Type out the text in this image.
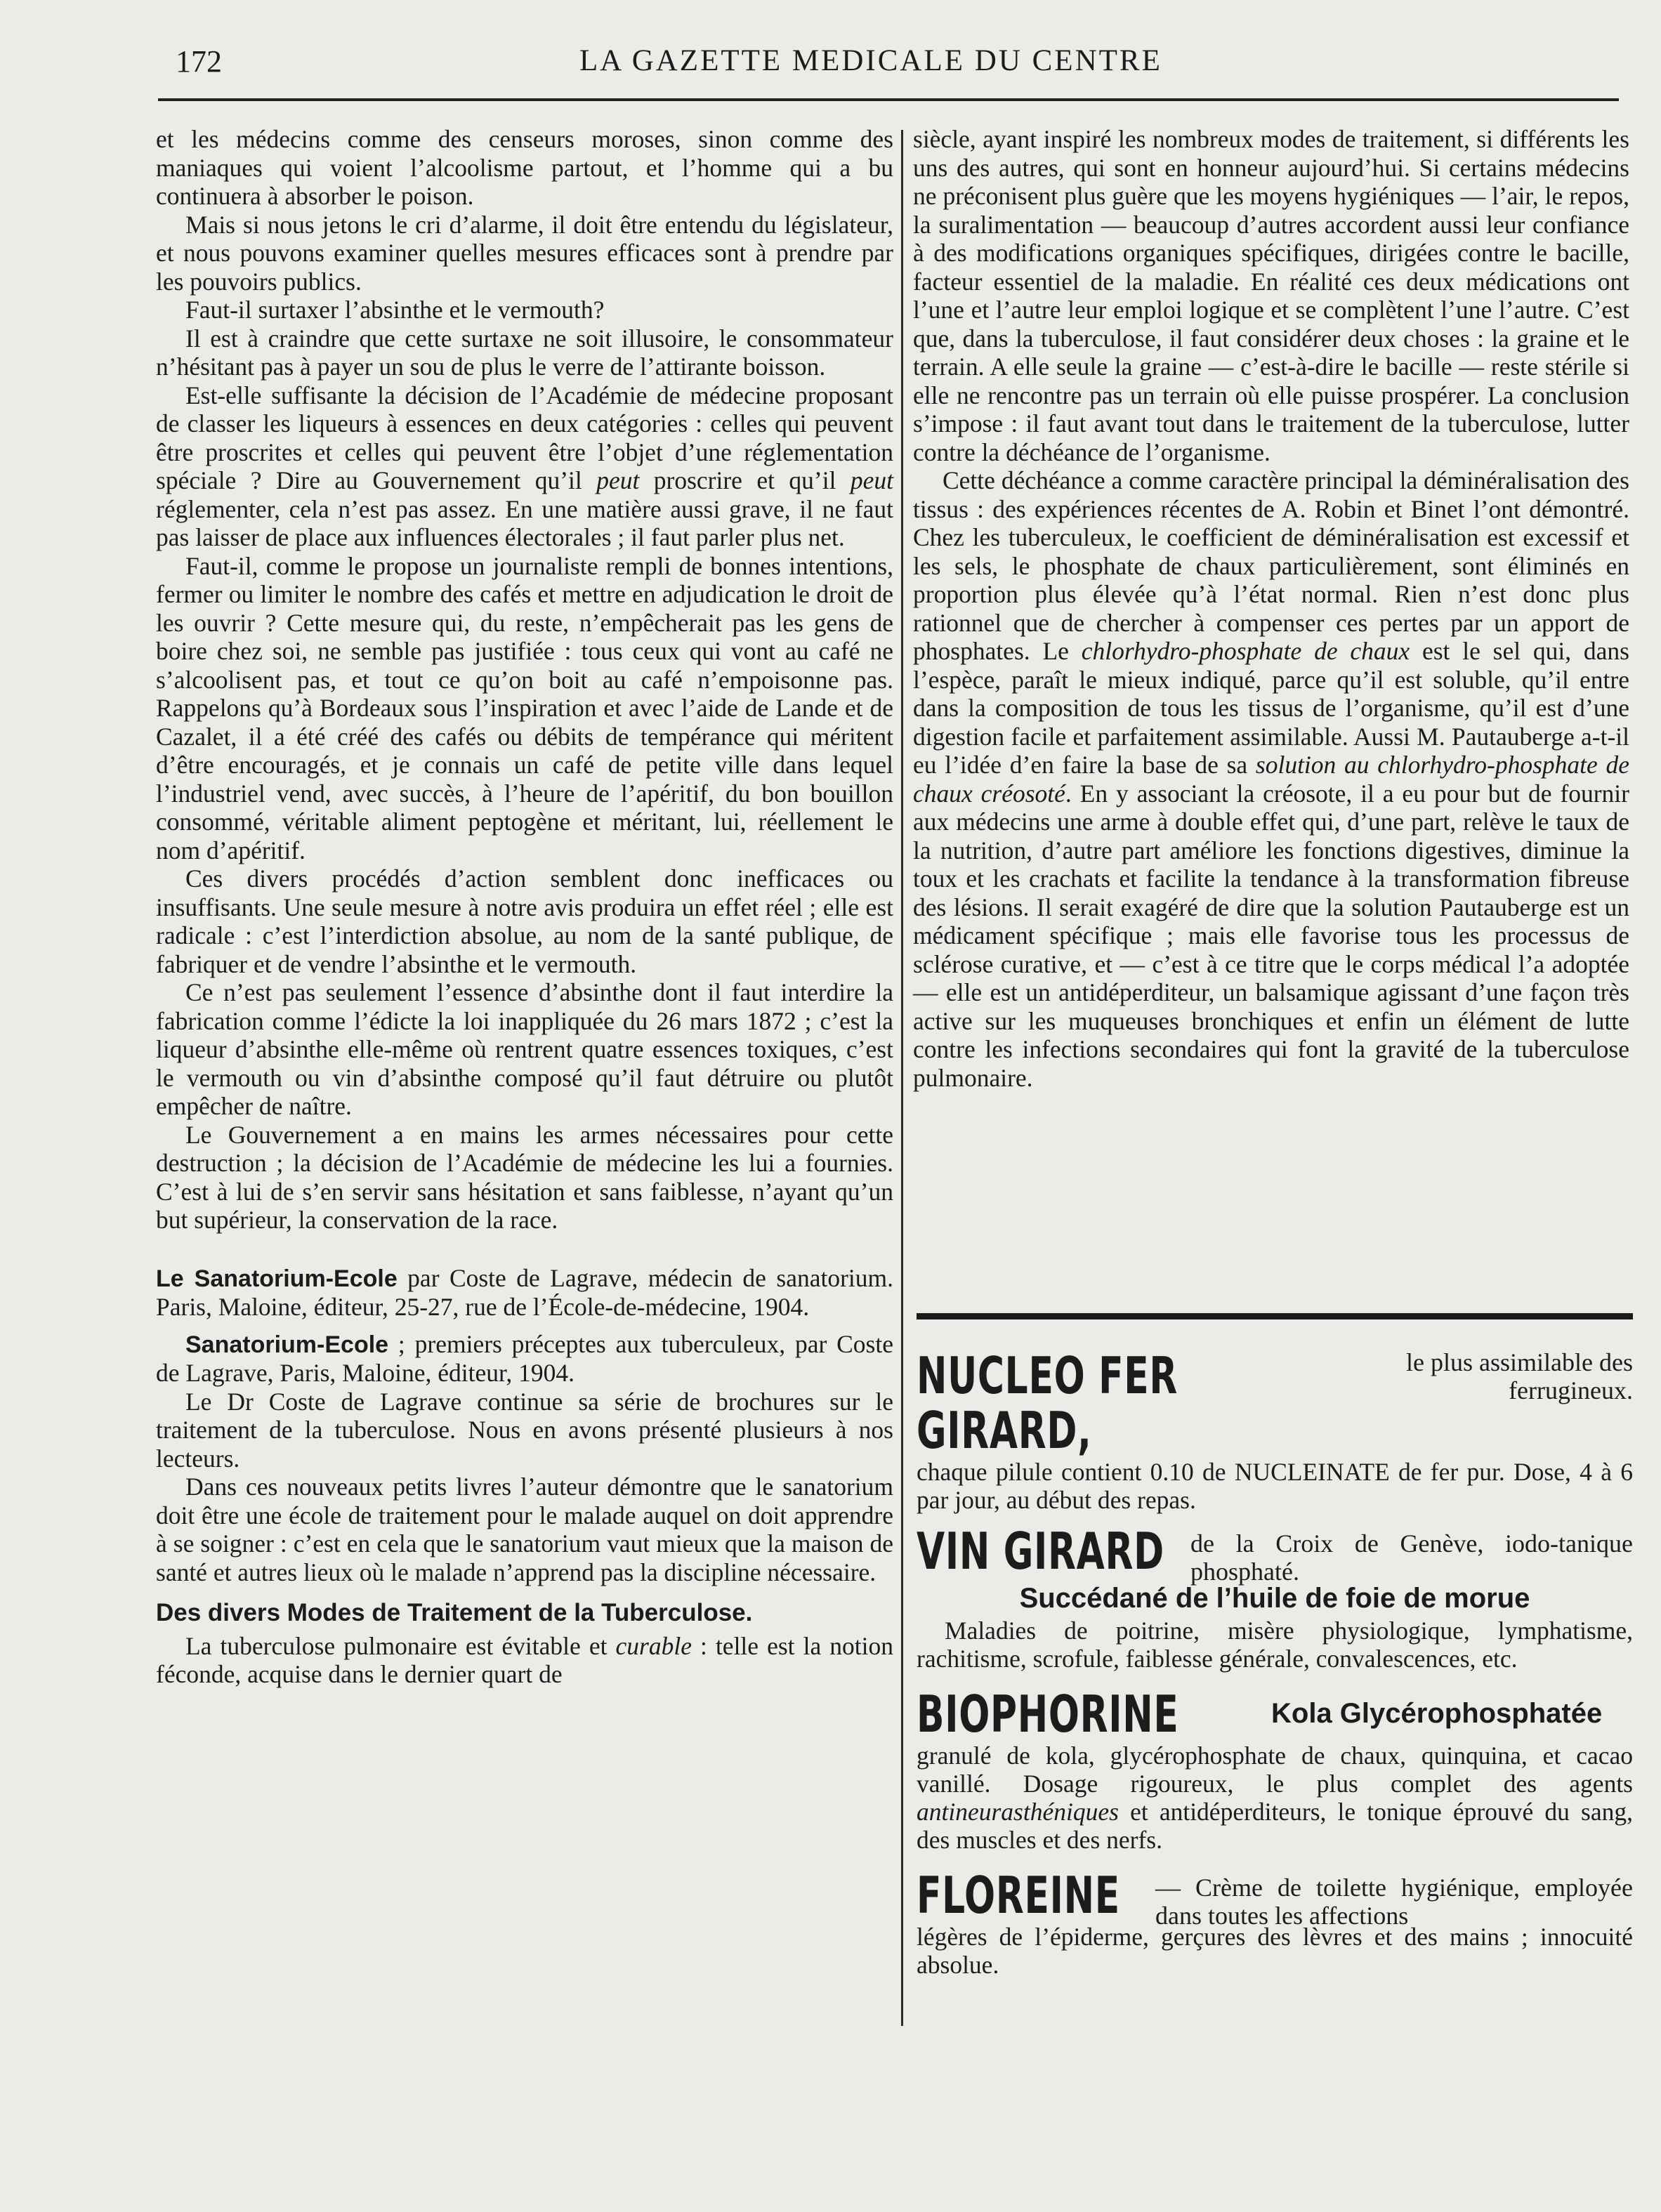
172	LA GAZETTE MEDICALE DU CENTRE

et les médecins comme des censeurs moroses, sinon comme des maniaques qui voient l’alcoolisme partout, et l’homme qui a bu continuera à absorber le poison.

Mais si nous jetons le cri d’alarme, il doit être entendu du législateur, et nous pouvons examiner quelles mesures efficaces sont à prendre par les pouvoirs publics.

Faut-il surtaxer l’absinthe et le vermouth?

Il est à craindre que cette surtaxe ne soit illusoire, le consommateur n’hésitant pas à payer un sou de plus le verre de l’attirante boisson.

Est-elle suffisante la décision de l’Académie de médecine proposant de classer les liqueurs à essences en deux catégories : celles qui peuvent être proscrites et celles qui peuvent être l’objet d’une réglementation spéciale ? Dire au Gouvernement qu’il peut proscrire et qu’il peut réglementer, cela n’est pas assez. En une matière aussi grave, il ne faut pas laisser de place aux influences électorales ; il faut parler plus net.

Faut-il, comme le propose un journaliste rempli de bonnes intentions, fermer ou limiter le nombre des cafés et mettre en adjudication le droit de les ouvrir ? Cette mesure qui, du reste, n’empêcherait pas les gens de boire chez soi, ne semble pas justifiée : tous ceux qui vont au café ne s’alcoolisent pas, et tout ce qu’on boit au café n’empoisonne pas. Rappelons qu’à Bordeaux sous l’inspiration et avec l’aide de Lande et de Cazalet, il a été créé des cafés ou débits de tempérance qui méritent d’être encouragés, et je connais un café de petite ville dans lequel l’industriel vend, avec succès, à l’heure de l’apéritif, du bon bouillon consommé, véritable aliment peptogène et méritant, lui, réellement le nom d’apéritif.

Ces divers procédés d’action semblent donc inefficaces ou insuffisants. Une seule mesure à notre avis produira un effet réel ; elle est radicale : c’est l’interdiction absolue, au nom de la santé publique, de fabriquer et de vendre l’absinthe et le vermouth.

Ce n’est pas seulement l’essence d’absinthe dont il faut interdire la fabrication comme l’édicte la loi inappliquée du 26 mars 1872 ; c’est la liqueur d’absinthe elle-même où rentrent quatre essences toxiques, c’est le vermouth ou vin d’absinthe composé qu’il faut détruire ou plutôt empêcher de naître.

Le Gouvernement a en mains les armes nécessaires pour cette destruction ; la décision de l’Académie de médecine les lui a fournies. C’est à lui de s’en servir sans hésitation et sans faiblesse, n’ayant qu’un but supérieur, la conservation de la race.

Le Sanatorium-Ecole par Coste de Lagrave, médecin de sanatorium. Paris, Maloine, éditeur, 25-27, rue de l’École-de-médecine, 1904.

Sanatorium-Ecole ; premiers préceptes aux tuberculeux, par Coste de Lagrave, Paris, Maloine, éditeur, 1904.

Le Dr Coste de Lagrave continue sa série de brochures sur le traitement de la tuberculose. Nous en avons présenté plusieurs à nos lecteurs.

Dans ces nouveaux petits livres l’auteur démontre que le sanatorium doit être une école de traitement pour le malade auquel on doit apprendre à se soigner : c’est en cela que le sanatorium vaut mieux que la maison de santé et autres lieux où le malade n’apprend pas la discipline nécessaire.

Des divers Modes de Traitement de la Tuberculose.

La tuberculose pulmonaire est évitable et curable : telle est la notion féconde, acquise dans le dernier quart de

siècle, ayant inspiré les nombreux modes de traitement, si différents les uns des autres, qui sont en honneur aujourd’hui. Si certains médecins ne préconisent plus guère que les moyens hygiéniques — l’air, le repos, la suralimentation — beaucoup d’autres accordent aussi leur confiance à des modifications organiques spécifiques, dirigées contre le bacille, facteur essentiel de la maladie. En réalité ces deux médications ont l’une et l’autre leur emploi logique et se complètent l’une l’autre. C’est que, dans la tuberculose, il faut considérer deux choses : la graine et le terrain. A elle seule la graine — c’est-à-dire le bacille — reste stérile si elle ne rencontre pas un terrain où elle puisse prospérer. La conclusion s’impose : il faut avant tout dans le traitement de la tuberculose, lutter contre la déchéance de l’organisme.

Cette déchéance a comme caractère principal la déminéralisation des tissus : des expériences récentes de A. Robin et Binet l’ont démontré. Chez les tuberculeux, le coefficient de déminéralisation est excessif et les sels, le phosphate de chaux particulièrement, sont éliminés en proportion plus élevée qu’à l’état normal. Rien n’est donc plus rationnel que de chercher à compenser ces pertes par un apport de phosphates. Le chlorhydro-phosphate de chaux est le sel qui, dans l’espèce, paraît le mieux indiqué, parce qu’il est soluble, qu’il entre dans la composition de tous les tissus de l’organisme, qu’il est d’une digestion facile et parfaitement assimilable. Aussi M. Pautauberge a-t-il eu l’idée d’en faire la base de sa solution au chlorhydro-phosphate de chaux créosoté. En y associant la créosote, il a eu pour but de fournir aux médecins une arme à double effet qui, d’une part, relève le taux de la nutrition, d’autre part améliore les fonctions digestives, diminue la toux et les crachats et facilite la tendance à la transformation fibreuse des lésions. Il serait exagéré de dire que la solution Pautauberge est un médicament spécifique ; mais elle favorise tous les processus de sclérose curative, et — c’est à ce titre que le corps médical l’a adoptée — elle est un antidéperditeur, un balsamique agissant d’une façon très active sur les muqueuses bronchiques et enfin un élément de lutte contre les infections secondaires qui font la gravité de la tuberculose pulmonaire.

NUCLEO FER GIRARD,
le plus assimilable des ferrugineux.

chaque pilule contient 0.10 de NUCLEINATE de fer pur. Dose, 4 à 6 par jour, au début des repas.

VIN GIRARD de la Croix de Genève, iodo-tanique phosphaté.
Succédané de l’huile de foie de morue

Maladies de poitrine, misère physiologique, lymphatisme, rachitisme, scrofule, faiblesse générale, convalescences, etc.

BIOPHORINE	Kola Glycérophosphatée

granulé de kola, glycérophosphate de chaux, quinquina, et cacao vanillé. Dosage rigoureux, le plus complet des agents antineurasthéniques et antidéperditeurs, le tonique éprouvé du sang, des muscles et des nerfs.

FLOREINE — Crème de toilette hygiénique, employée dans toutes les affections

légères de l’épiderme, gerçures des lèvres et des mains ; innocuité absolue.
